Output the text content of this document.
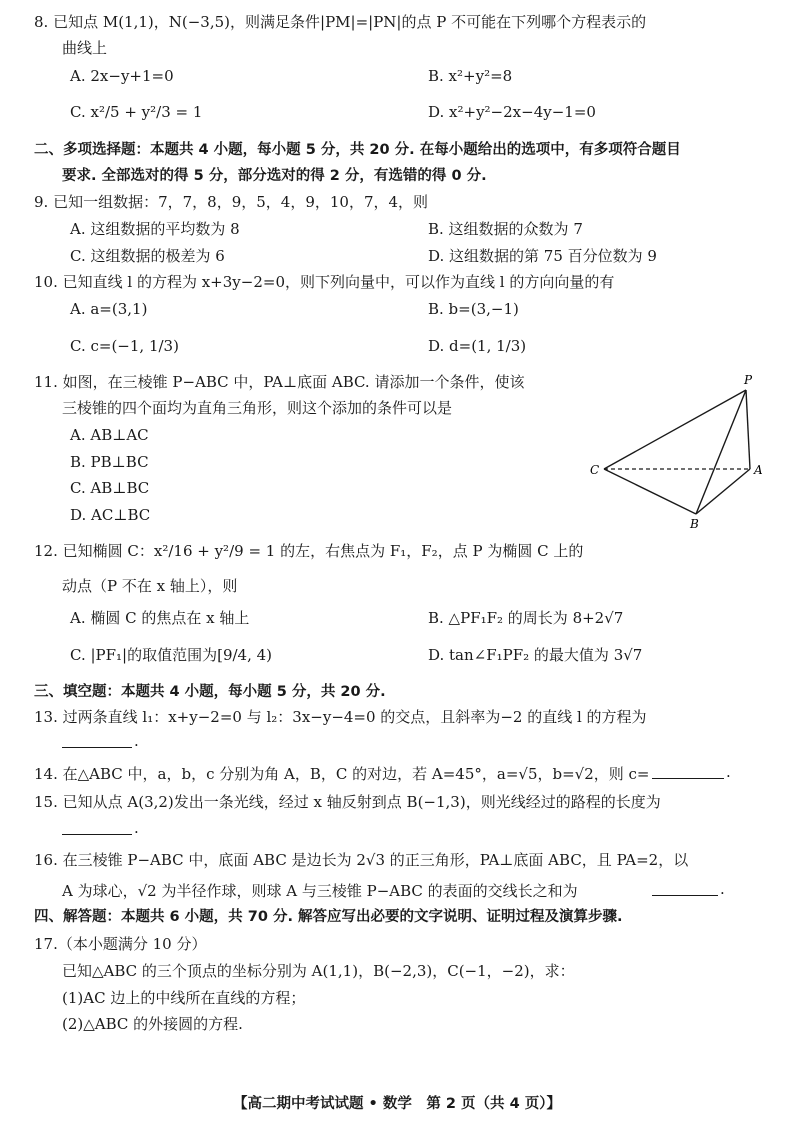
8. 已知点 M(1,1)，N(−3,5)，则满足条件|PM|=|PN|的点 P 不可能在下列哪个方程表示的
曲线上
A. 2x−y+1=0	B. x²+y²=8
C. x²/5 + y²/3 = 1	D. x²+y²−2x−4y−1=0
9. 已知一组数据：7，7，8，9，5，4，9，10，7，4，则
A. 这组数据的平均数为 8	B. 这组数据的众数为 7
C. 这组数据的极差为 6	D. 这组数据的第 75 百分位数为 9
10. 已知直线 l 的方程为 x+3y−2=0，则下列向量中，可以作为直线 l 的方向向量的有
A. a=(3,1)	B. b=(3,−1)
C. c=(−1, 1/3)	D. d=(1, 1/3)
11. 如图，在三棱锥 P−ABC 中，PA⊥底面 ABC. 请添加一个条件，使该
三棱锥的四个面均为直角三角形，则这个添加的条件可以是
A. AB⊥AC
B. PB⊥BC
C. AB⊥BC
D. AC⊥BC
12. 已知椭圆 C：x²/16 + y²/9 = 1 的左，右焦点为 F₁，F₂，点 P 为椭圆 C 上的
动点（P 不在 x 轴上），则
A. 椭圆 C 的焦点在 x 轴上	B. △PF₁F₂ 的周长为 8+2√7
C. |PF₁|的取值范围为[9/4, 4)	D. tan∠F₁PF₂ 的最大值为 3√7
13. 过两条直线 l₁：x+y−2=0 与 l₂：3x−y−4=0 的交点，且斜率为−2 的直线 l 的方程为
14. 在△ABC 中，a，b，c 分别为角 A，B，C 的对边，若 A=45°，a=√5，b=√2，则 c=
15. 已知从点 A(3,2)发出一条光线，经过 x 轴反射到点 B(−1,3)，则光线经过的路程的长度为
16. 在三棱锥 P−ABC 中，底面 ABC 是边长为 2√3 的正三角形，PA⊥底面 ABC，且 PA=2，以
A 为球心，√2 为半径作球，则球 A 与三棱锥 P−ABC 的表面的交线长之和为
17.（本小题满分 10 分）
已知△ABC 的三个顶点的坐标分别为 A(1,1)，B(−2,3)，C(−1，−2)，求：
(1)AC 边上的中线所在直线的方程；
(2)△ABC 的外接圆的方程.
二、多项选择题：本题共 4 小题，每小题 5 分，共 20 分. 在每小题给出的选项中，有多项符合题目
要求. 全部选对的得 5 分，部分选对的得 2 分，有选错的得 0 分.
三、填空题：本题共 4 小题，每小题 5 分，共 20 分.
四、解答题：本题共 6 小题，共 70 分. 解答应写出必要的文字说明、证明过程及演算步骤.
.
.
.
.
P
A
B
C
【高二期中考试试题 • 数学　第 2 页（共 4 页）】
